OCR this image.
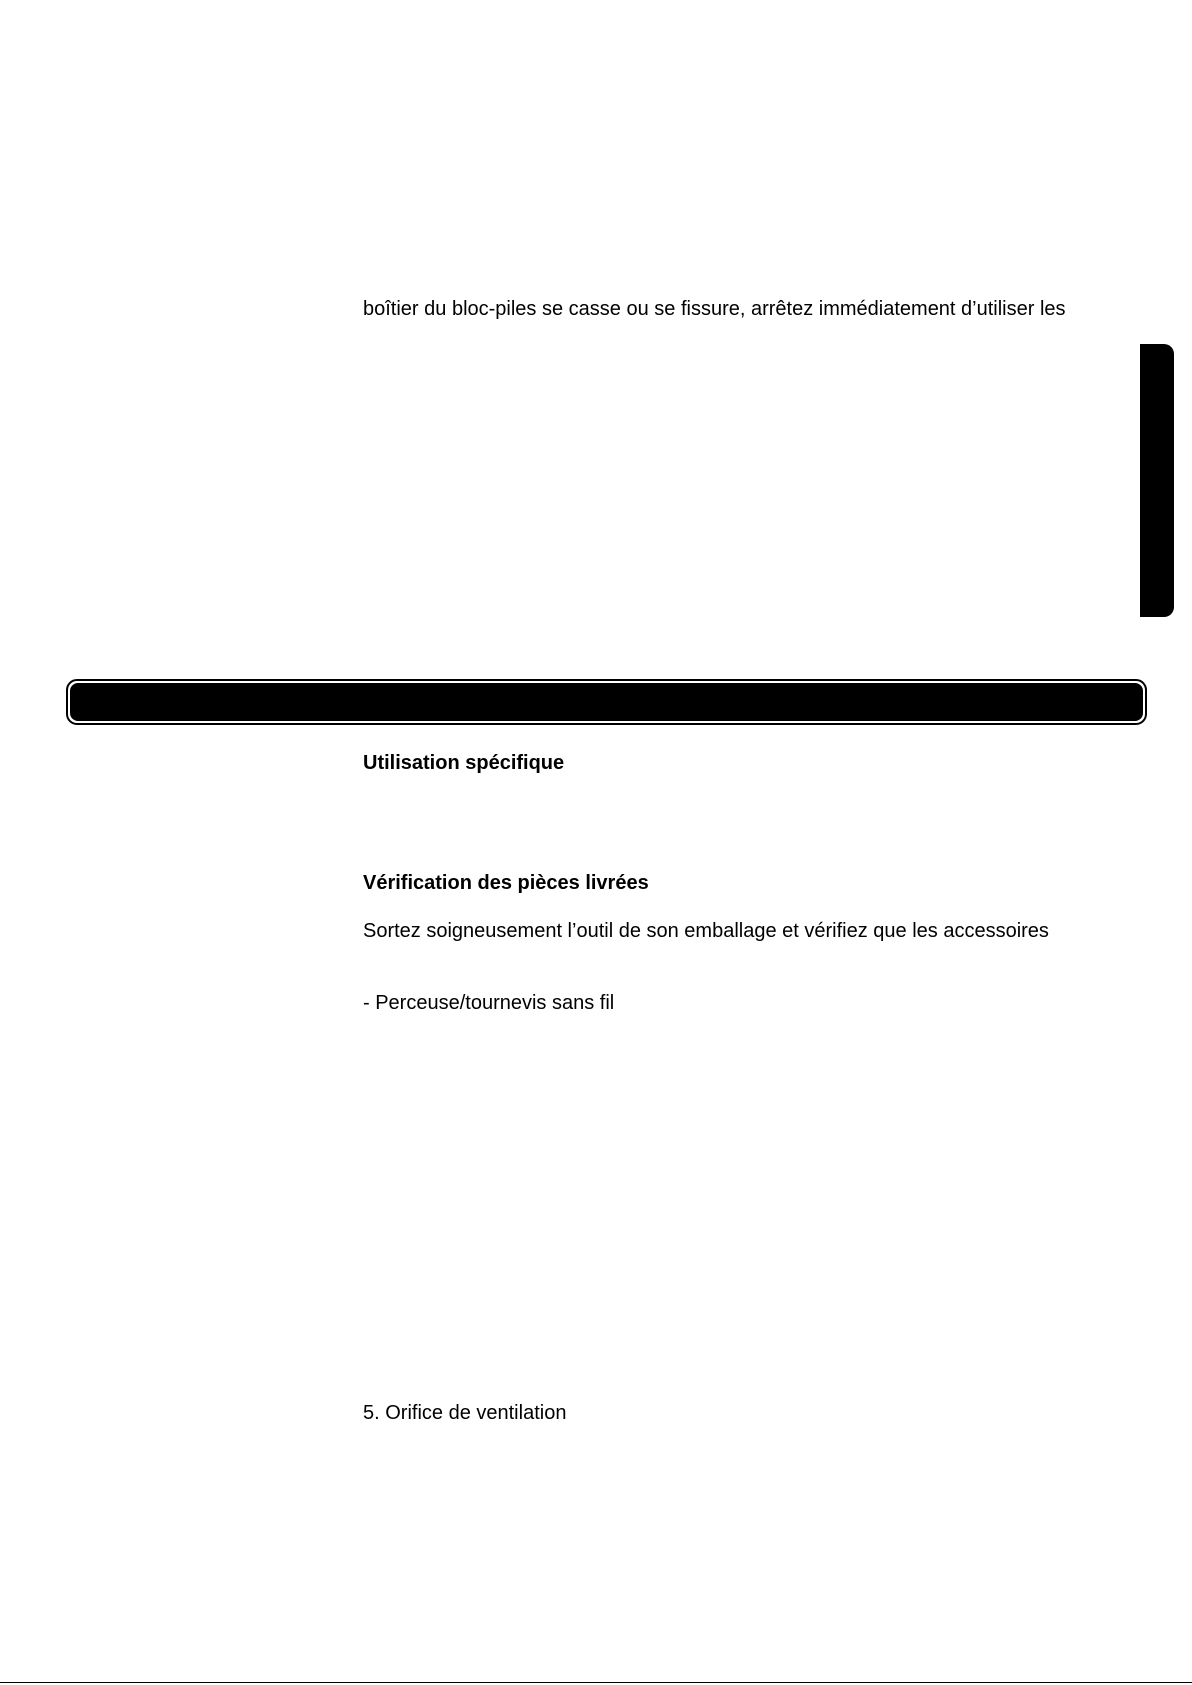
boîtier du bloc-piles se casse ou se fissure, arrêtez immédiatement d’utiliser les

Utilisation spécifique

Vérification des pièces livrées

Sortez soigneusement l’outil de son emballage et vérifiez que les accessoires

- Perceuse/tournevis sans fil

5. Orifice de ventilation
